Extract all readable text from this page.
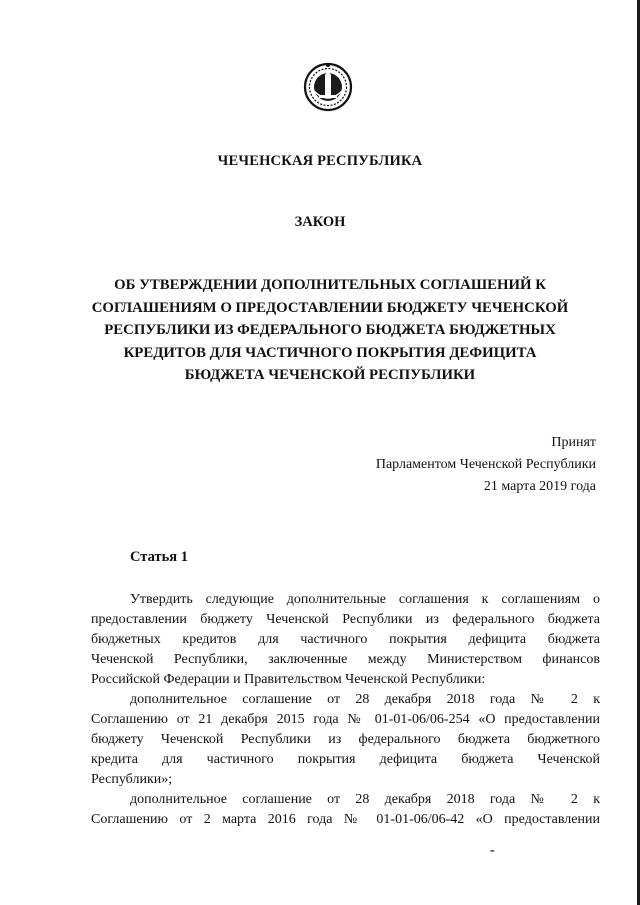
ЧЕЧЕНСКАЯ РЕСПУБЛИКА
ЗАКОН
ОБ УТВЕРЖДЕНИИ ДОПОЛНИТЕЛЬНЫХ СОГЛАШЕНИЙ К
СОГЛАШЕНИЯМ О ПРЕДОСТАВЛЕНИИ БЮДЖЕТУ ЧЕЧЕНСКОЙ
РЕСПУБЛИКИ ИЗ ФЕДЕРАЛЬНОГО БЮДЖЕТА БЮДЖЕТНЫХ
КРЕДИТОВ ДЛЯ ЧАСТИЧНОГО ПОКРЫТИЯ ДЕФИЦИТА
БЮДЖЕТА ЧЕЧЕНСКОЙ РЕСПУБЛИКИ
Принят
Парламентом Чеченской Республики
21 марта 2019 года
Статья 1
Утвердить следующие дополнительные соглашения к соглашениям о
предоставлении бюджету Чеченской Республики из федерального бюджета
бюджетных кредитов для частичного покрытия дефицита бюджета
Чеченской Республики, заключенные между Министерством финансов
Российской Федерации и Правительством Чеченской Республики:
дополнительное соглашение от 28 декабря 2018 года № 2 к
Соглашению от 21 декабря 2015 года № 01-01-06/06-254 «О предоставлении
бюджету Чеченской Республики из федерального бюджета бюджетного
кредита для частичного покрытия дефицита бюджета Чеченской
Республики»;
дополнительное соглашение от 28 декабря 2018 года № 2 к
Соглашению от 2 марта 2016 года № 01-01-06/06-42 «О предоставлении
-
